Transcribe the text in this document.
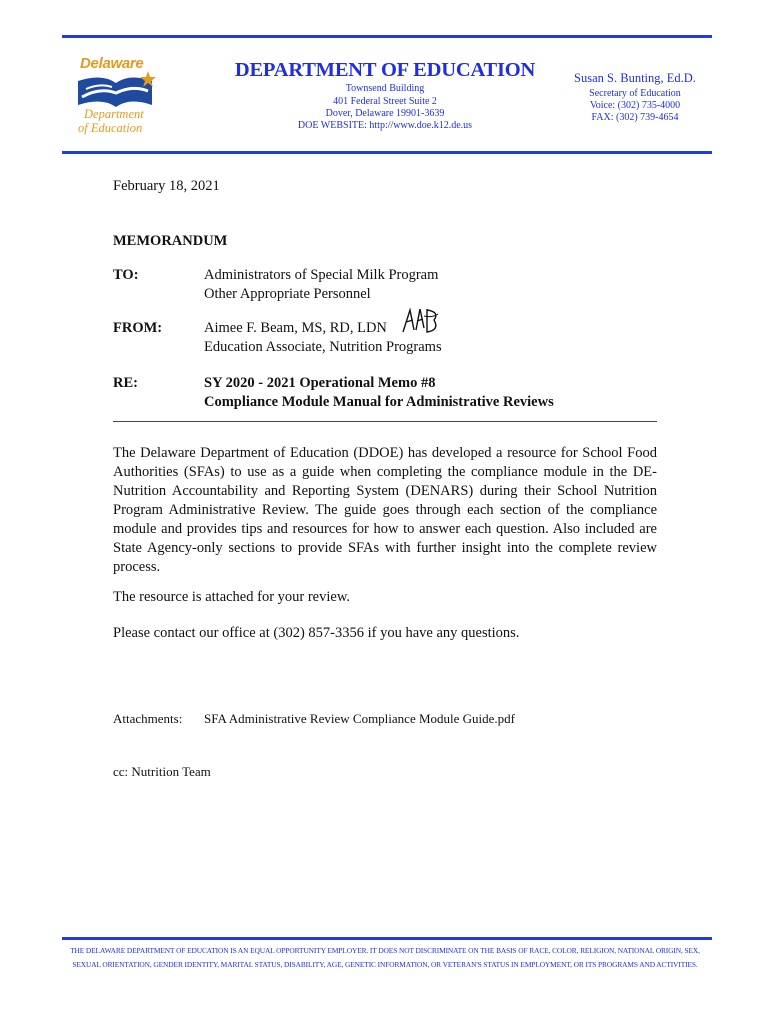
Delaware
Department
of Education
DEPARTMENT OF EDUCATION
Townsend Building
401 Federal Street Suite 2
Dover, Delaware 19901-3639
DOE WEBSITE: http://www.doe.k12.de.us
Susan S. Bunting, Ed.D.
Secretary of Education
Voice: (302) 735-4000
FAX: (302) 739-4654
February 18, 2021
MEMORANDUM
TO:	Administrators of Special Milk Program
Other Appropriate Personnel
FROM:	Aimee F. Beam, MS, RD, LDN
Education Associate, Nutrition Programs
RE:	SY 2020 - 2021 Operational Memo #8
Compliance Module Manual for Administrative Reviews
The Delaware Department of Education (DDOE) has developed a resource for School Food Authorities (SFAs) to use as a guide when completing the compliance module in the DE-Nutrition Accountability and Reporting System (DENARS) during their School Nutrition Program Administrative Review. The guide goes through each section of the compliance module and provides tips and resources for how to answer each question. Also included are State Agency-only sections to provide SFAs with further insight into the complete review process.
The resource is attached for your review.
Please contact our office at (302) 857-3356 if you have any questions.
Attachments: SFA Administrative Review Compliance Module Guide.pdf
cc: Nutrition Team
THE DELAWARE DEPARTMENT OF EDUCATION IS AN EQUAL OPPORTUNITY EMPLOYER. IT DOES NOT DISCRIMINATE ON THE BASIS OF RACE, COLOR, RELIGION, NATIONAL ORIGIN, SEX,
SEXUAL ORIENTATION, GENDER IDENTITY, MARITAL STATUS, DISABILITY, AGE, GENETIC INFORMATION, OR VETERAN'S STATUS IN EMPLOYMENT, OR ITS PROGRAMS AND ACTIVITIES.
